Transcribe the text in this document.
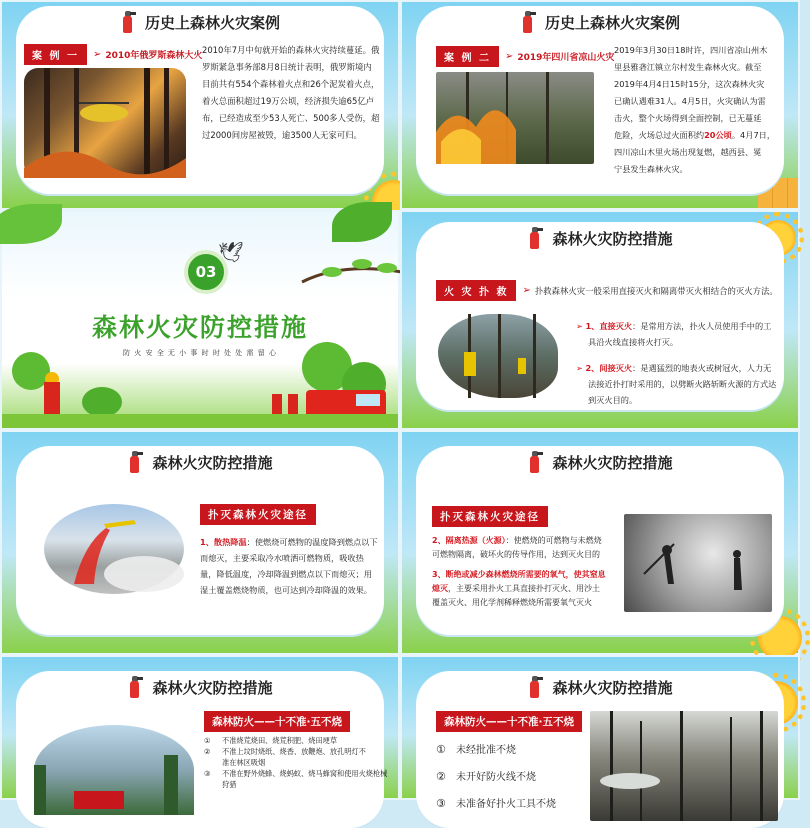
历史上森林火灾案例
案 例 一	➢ 2010年俄罗斯森林大火
2010年7月中旬就开始的森林火灾持续蔓延。俄
罗斯紧急事务部8月8日统计表明，俄罗斯境内
目前共有554个森林着火点和26个泥炭着火点，
着火总面积超过19万公顷，经济损失逾65亿卢
布，已经造成至少53人死亡、500多人受伤，超
过2000间房屋被毁，逾3500人无家可归。
历史上森林火灾案例
案 例 二	➢ 2019年四川省凉山火灾
2019年3月30日18时许，四川省凉山州木
里县雅砻江镇立尔村发生森林火灾。截至
2019年4月4日15时15分，这次森林火灾
已确认遇难31人。4月5日，火灾确认为雷
击火，整个火场得到全面控制，已无蔓延
危险，火场总过火面积约20公顷。4月7日，
四川凉山木里火场出现复燃，越西县、冕
宁县发生森林火灾。
03
🕊
森林火灾防控措施
防 火 安 全 无 小 事 时 时 处 处 需 留 心
森林火灾防控措施
火 灾 扑 救	➢ 扑救森林火灾一般采用直接灭火和隔离带灭火相结合的灭火方法。
➢ 1、直接灭火：是常用方法，扑火人员使用手中的工
具沿火线直接将火打灭。
➢ 2、间接灭火：是遇猛烈的地表火或树冠火，人力无
法接近扑打时采用的，以劈断火路斩断火源的方式达
到灭火目的。
森林火灾防控措施
扑灭森林火灾途径
1、散热降温：使燃烧可燃物的温度降到燃点以下
而熄灭，主要采取冷水喷洒可燃物质，吸收热
量，降低温度，冷却降温到燃点以下而熄灭；用
湿土覆盖燃烧物质，也可达到冷却降温的效果。
森林火灾防控措施
扑灭森林火灾途径
2、隔离热源（火源）：使燃烧的可燃物与未燃烧
可燃物隔离，破坏火的传导作用，达到灭火目的
3、断绝或减少森林燃烧所需要的氧气，使其窒息
熄灭，主要采用扑火工具直接扑打灭火、用沙土
覆盖灭火、用化学剂稀释燃烧所需要氧气灭火
森林火灾防控措施
森林防火——十不准·五不烧
① 不准烧荒烧田、烧荒积肥、烧田埂草
② 不准上坟时烧纸、烧香、放鞭炮、放孔明灯不
准在林区吸烟
③ 不准在野外烧蜂、烧蚂蚁、烧马蜂窝和使用火烧枪械
狩猎
森林火灾防控措施
森林防火——十不准·五不烧
① 未经批准不烧
② 未开好防火线不烧
③ 未准备好扑火工具不烧
